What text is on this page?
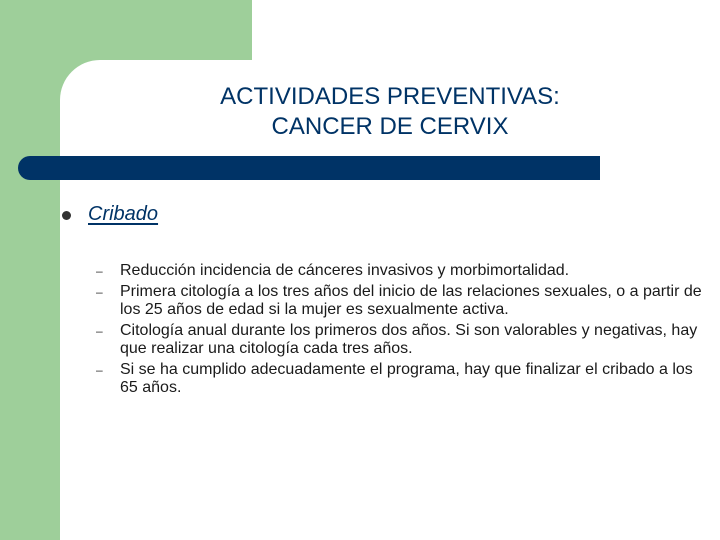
ACTIVIDADES PREVENTIVAS:
CANCER DE CERVIX
Cribado
– Reducción incidencia de cánceres invasivos y morbimortalidad.
– Primera citología a los tres años del inicio de las relaciones sexuales, o a partir de los 25 años de edad si la mujer es sexualmente activa.
– Citología anual durante los primeros dos años. Si son valorables y negativas, hay que realizar una citología cada tres años.
– Si se ha cumplido adecuadamente el programa, hay que finalizar el cribado a los 65 años.
